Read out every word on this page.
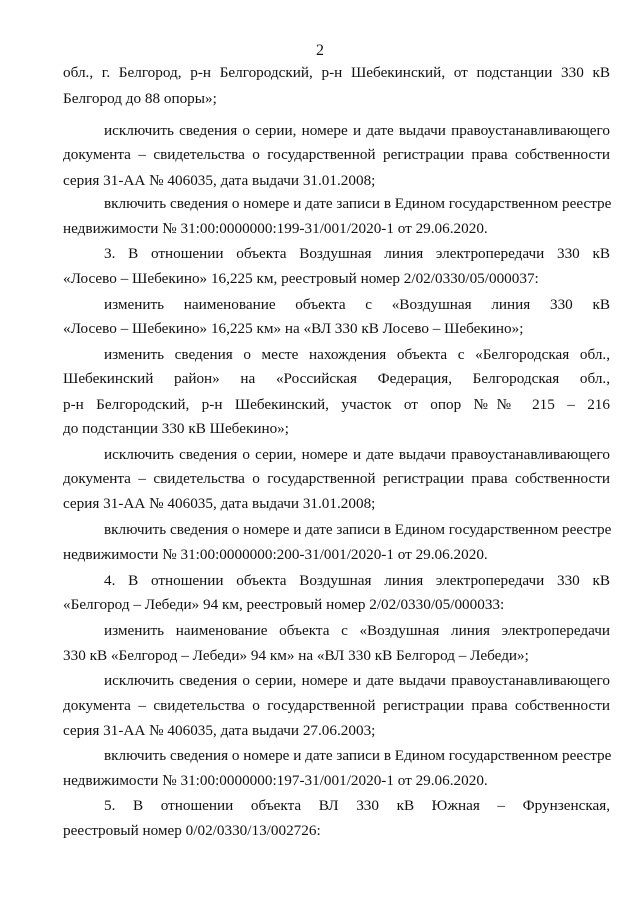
2
обл., г. Белгород, р-н Белгородский, р-н Шебекинский, от подстанции 330 кВ
Белгород до 88 опоры»;
исключить сведения о серии, номере и дате выдачи правоустанавливающего
документа – свидетельства о государственной регистрации права собственности
серия 31-АА № 406035, дата выдачи 31.01.2008;
включить сведения о номере и дате записи в Едином государственном реестре
недвижимости № 31:00:0000000:199-31/001/2020-1 от 29.06.2020.
3. В отношении объекта Воздушная линия электропередачи 330 кВ
«Лосево – Шебекино» 16,225 км, реестровый номер 2/02/0330/05/000037:
изменить наименование объекта с «Воздушная линия 330 кВ
«Лосево – Шебекино» 16,225 км» на «ВЛ 330 кВ Лосево – Шебекино»;
изменить сведения о месте нахождения объекта с «Белгородская обл.,
Шебекинский район» на «Российская Федерация, Белгородская обл.,
р-н Белгородский, р-н Шебекинский, участок от опор №№ 215 – 216
до подстанции 330 кВ Шебекино»;
исключить сведения о серии, номере и дате выдачи правоустанавливающего
документа – свидетельства о государственной регистрации права собственности
серия 31-АА № 406035, дата выдачи 31.01.2008;
включить сведения о номере и дате записи в Едином государственном реестре
недвижимости № 31:00:0000000:200-31/001/2020-1 от 29.06.2020.
4. В отношении объекта Воздушная линия электропередачи 330 кВ
«Белгород – Лебеди» 94 км, реестровый номер 2/02/0330/05/000033:
изменить наименование объекта с «Воздушная линия электропередачи
330 кВ «Белгород – Лебеди» 94 км» на «ВЛ 330 кВ Белгород – Лебеди»;
исключить сведения о серии, номере и дате выдачи правоустанавливающего
документа – свидетельства о государственной регистрации права собственности
серия 31-АА № 406035, дата выдачи 27.06.2003;
включить сведения о номере и дате записи в Едином государственном реестре
недвижимости № 31:00:0000000:197-31/001/2020-1 от 29.06.2020.
5. В отношении объекта ВЛ 330 кВ Южная – Фрунзенская,
реестровый номер 0/02/0330/13/002726:
